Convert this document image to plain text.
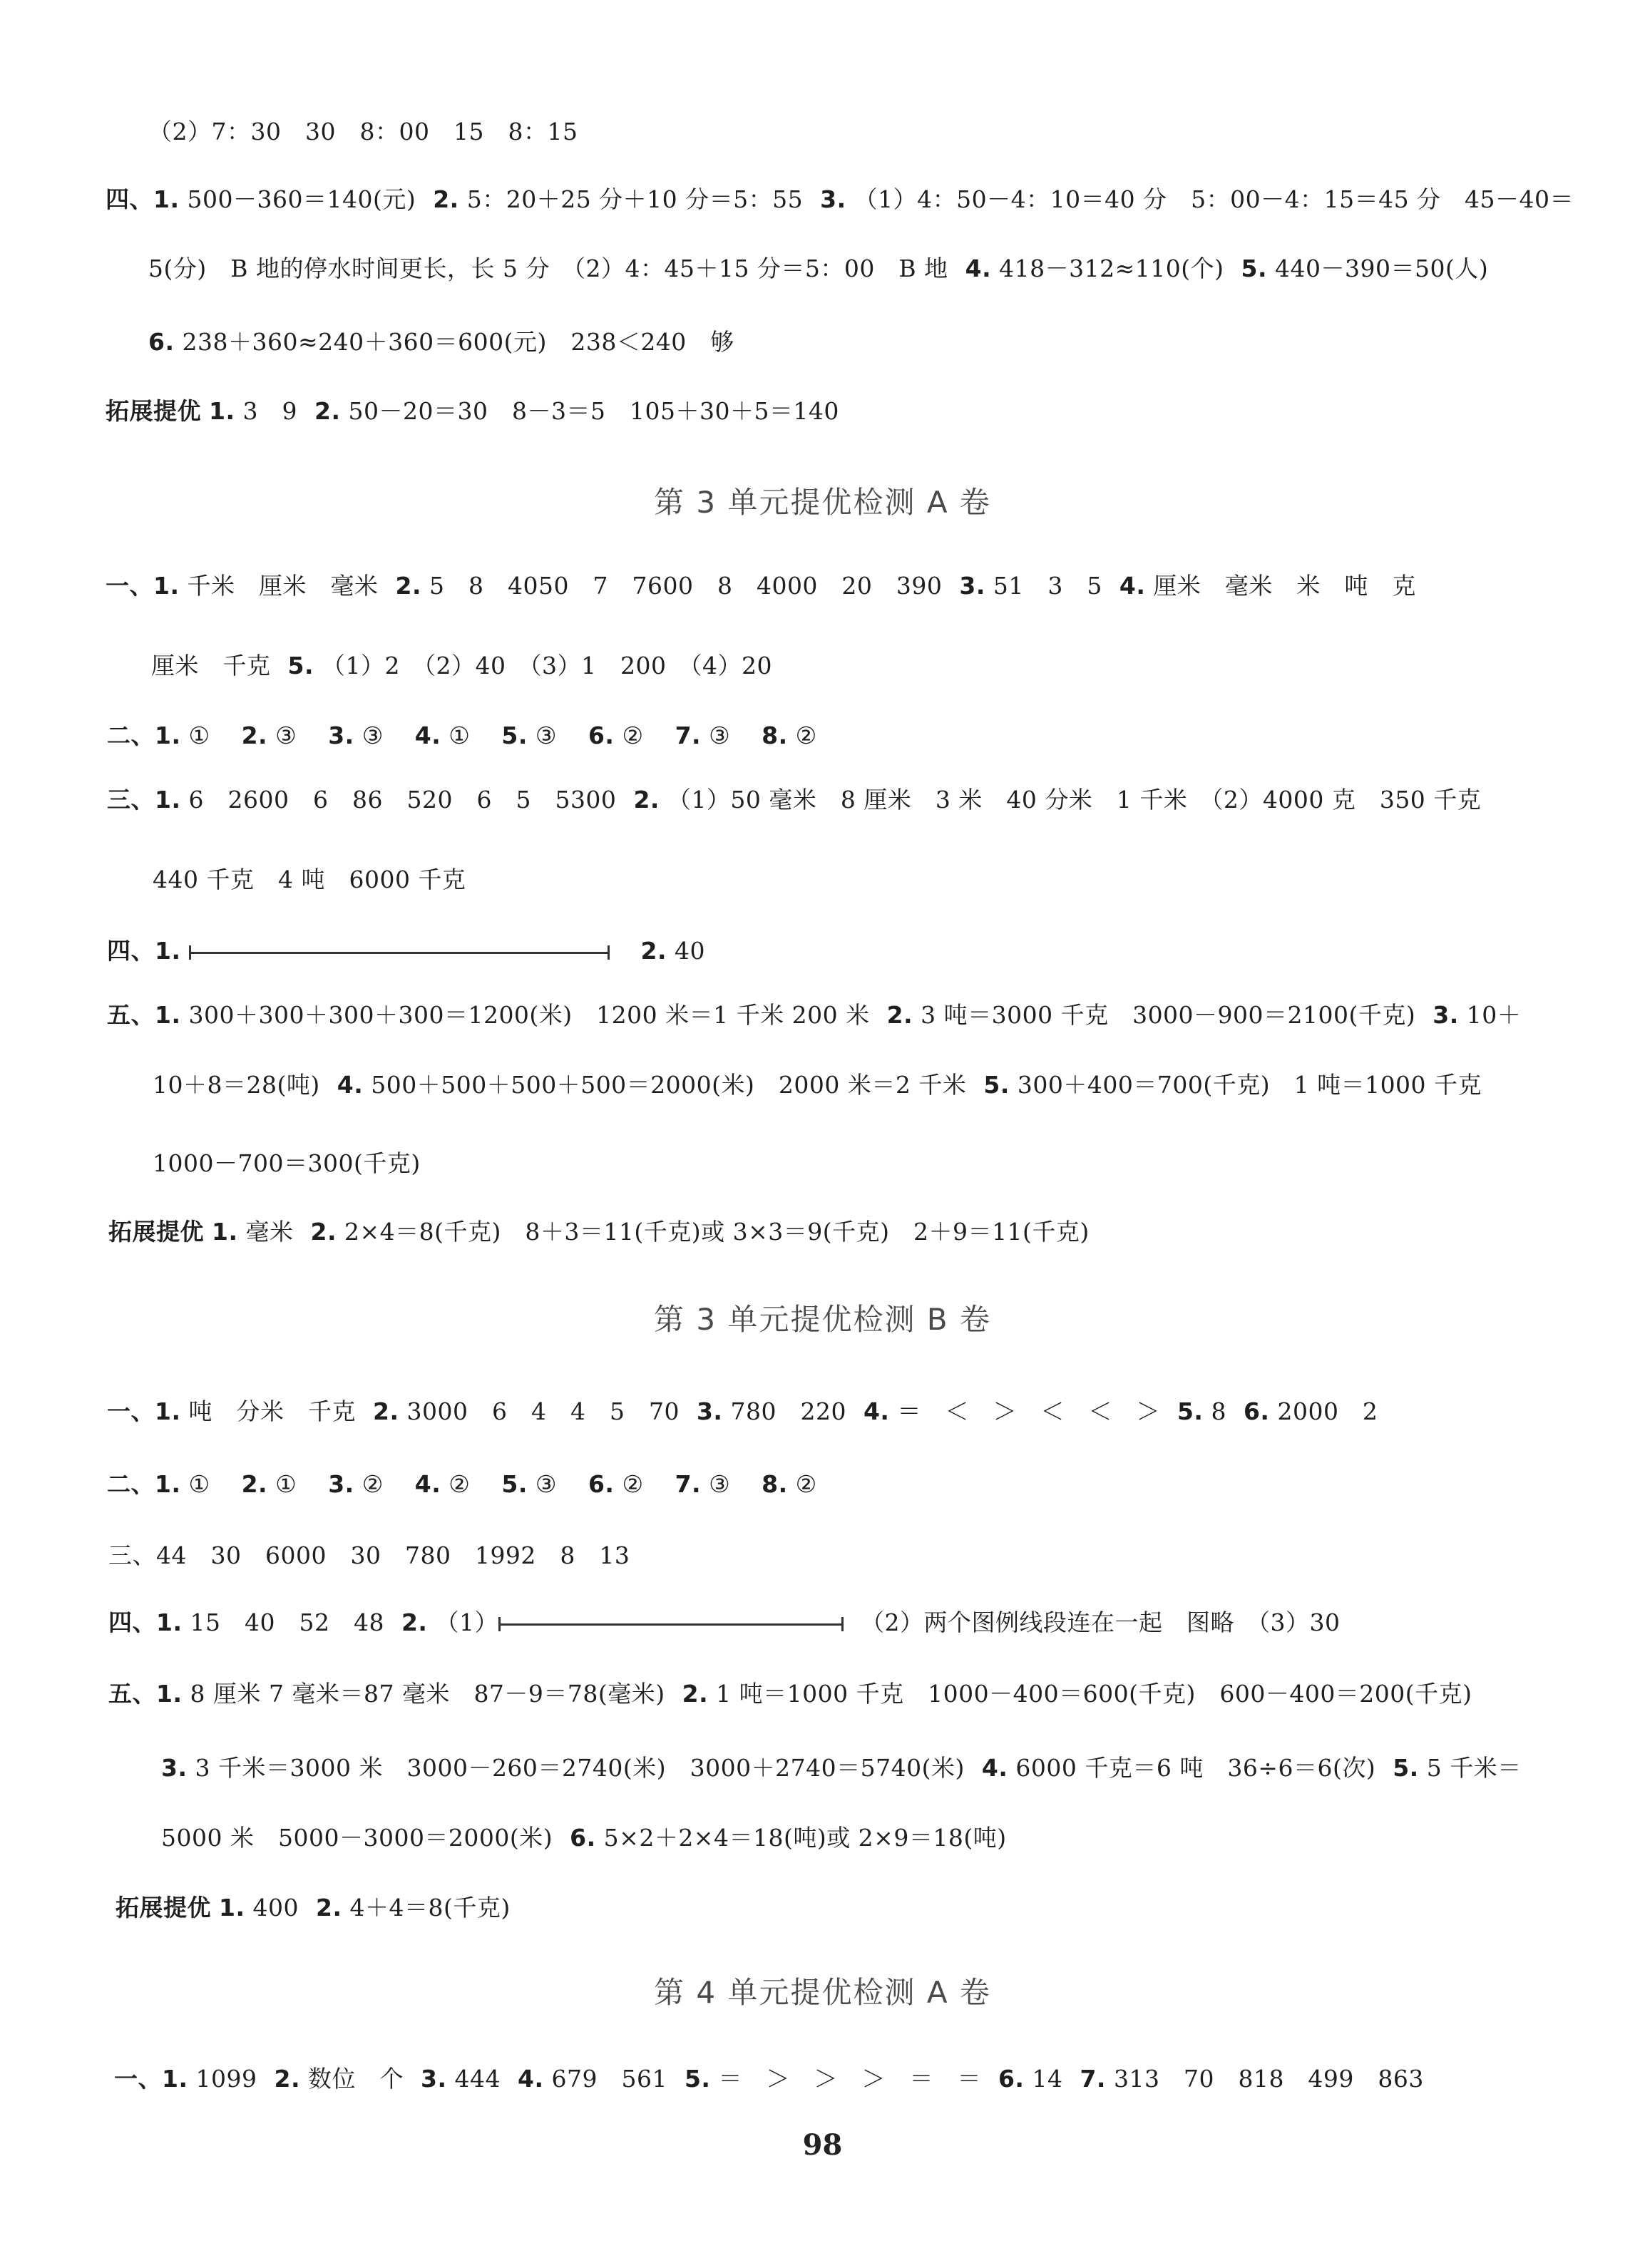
（2）7：30　30　8：00　15　8：15
四、1. 500－360＝140(元) 2. 5：20＋25 分＋10 分＝5：55 3. （1）4：50－4：10＝40 分　5：00－4：15＝45 分　45－40＝
5(分)　B 地的停水时间更长，长 5 分　（2）4：45＋15 分＝5：00　B 地 4. 418－312≈110(个) 5. 440－390＝50(人)
6. 238＋360≈240＋360＝600(元)　238＜240　够
拓展提优 1. 3　9 2. 50－20＝30　8－3＝5　105＋30＋5＝140
第 3 单元提优检测 A 卷
一、1. 千米　厘米　毫米 2. 5　8　4050　7　7600　8　4000　20　390 3. 51　3　5 4. 厘米　毫米　米　吨　克
厘米　千克 5. （1）2　（2）40　（3）1　200　（4）20
二、1. ① 2. ③ 3. ③ 4. ① 5. ③ 6. ② 7. ③ 8. ②
三、1. 6　2600　6　86　520　6　5　5300 2. （1）50 毫米　8 厘米　3 米　40 分米　1 千米　（2）4000 克　350 千克
440 千克　4 吨　6000 千克
四、1.	2. 40
五、1. 300＋300＋300＋300＝1200(米)　1200 米＝1 千米 200 米 2. 3 吨＝3000 千克　3000－900＝2100(千克) 3. 10＋
10＋8＝28(吨) 4. 500＋500＋500＋500＝2000(米)　2000 米＝2 千米 5. 300＋400＝700(千克)　1 吨＝1000 千克
1000－700＝300(千克)
拓展提优 1. 毫米 2. 2×4＝8(千克)　8＋3＝11(千克)或 3×3＝9(千克)　2＋9＝11(千克)
第 3 单元提优检测 B 卷
一、1. 吨　分米　千克 2. 3000　6　4　4　5　70 3. 780　220 4. ＝　＜　＞　＜　＜　＞ 5. 8 6. 2000　2
二、1. ① 2. ① 3. ② 4. ② 5. ③ 6. ② 7. ③ 8. ②
三、44　30　6000　30　780　1992　8　13
四、1. 15　40　52　48 2. （1）	（2）两个图例线段连在一起　图略　（3）30
五、1. 8 厘米 7 毫米＝87 毫米　87－9＝78(毫米) 2. 1 吨＝1000 千克　1000－400＝600(千克)　600－400＝200(千克)
3. 3 千米＝3000 米　3000－260＝2740(米)　3000＋2740＝5740(米) 4. 6000 千克＝6 吨　36÷6＝6(次) 5. 5 千米＝
5000 米　5000－3000＝2000(米) 6. 5×2＋2×4＝18(吨)或 2×9＝18(吨)
拓展提优 1. 400 2. 4＋4＝8(千克)
第 4 单元提优检测 A 卷
一、1. 1099 2. 数位　个 3. 444 4. 679　561 5. ＝　＞　＞　＞　＝　＝ 6. 14 7. 313　70　818　499　863
98
